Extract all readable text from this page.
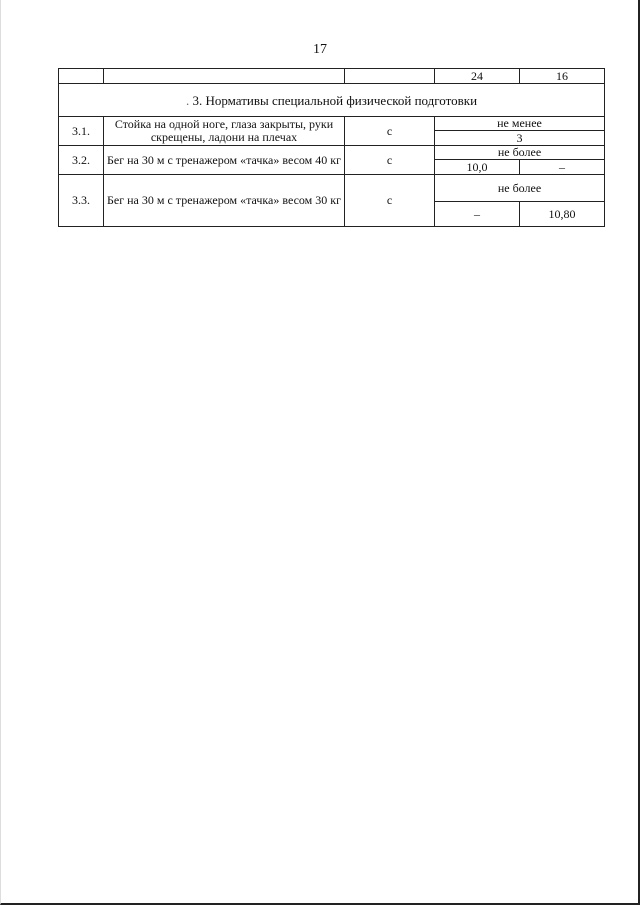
17
			24	16
. 3. Нормативы специальной физической подготовки				
3.1.	Стойка на одной ноге, глаза закрыты, руки скрещены, ладони на плечах	с	не менее	
			3	
3.2.	Бег на 30 м с тренажером «тачка» весом 40 кг	с	не более	
			10,0	–
3.3.	Бег на 30 м с тренажером «тачка» весом 30 кг	с	не более	
			–	10,80
